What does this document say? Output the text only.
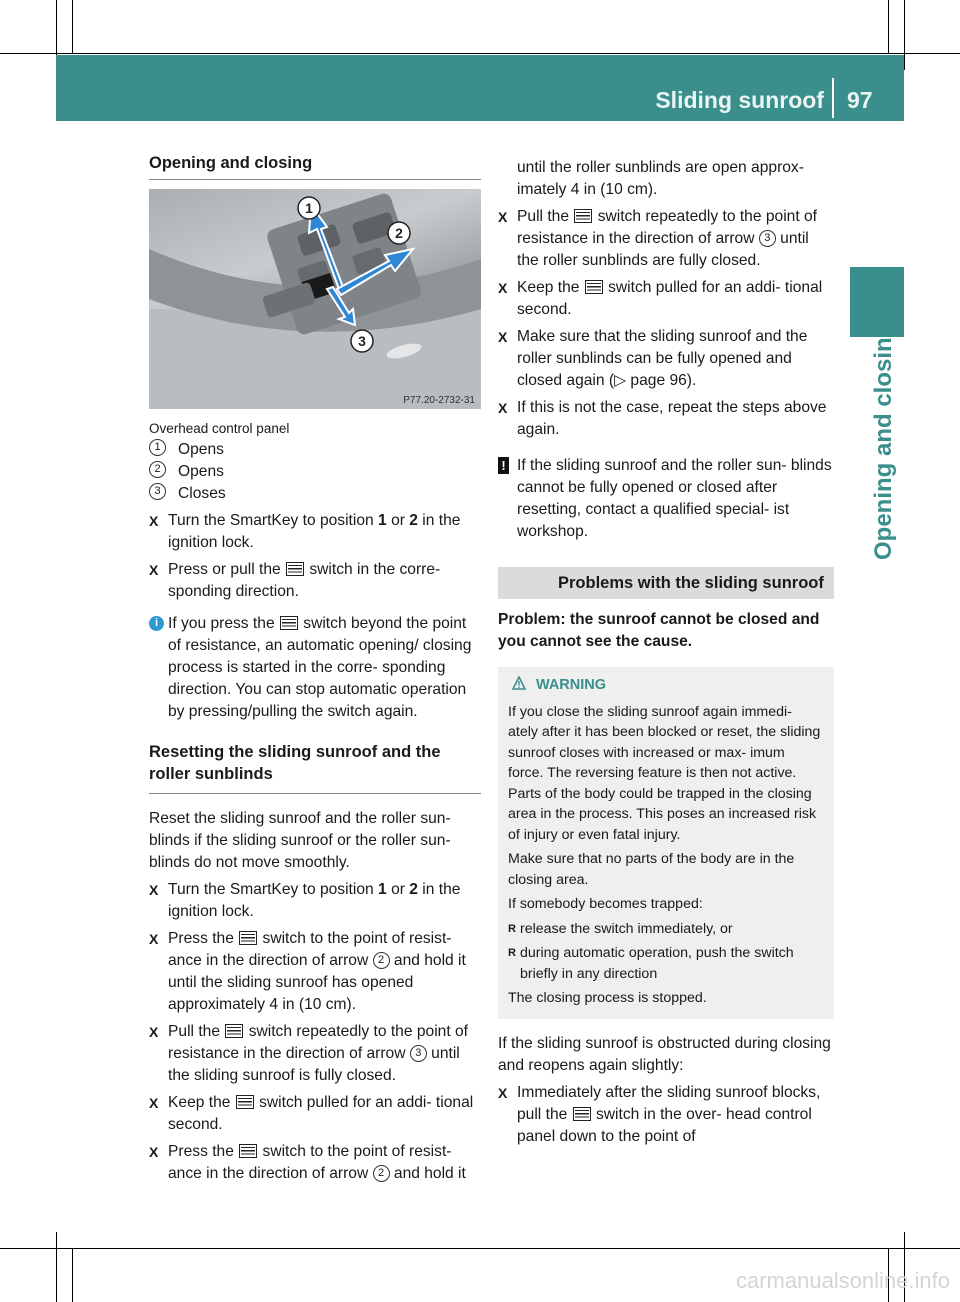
Sliding sunroof 97
Opening and closing
1
2
3
P77.20-2732-31
Opening and closing

Overhead control panel

1	Opens
2	Opens
3	Closes
X Turn the SmartKey to position 1 or 2 in the ignition lock.
X Press or pull the  switch in the corre- sponding direction.
i If you press the  switch beyond the point of resistance, an automatic opening/ closing process is started in the corre- sponding direction. You can stop automatic operation by pressing/pulling the switch again.
Resetting the sliding sunroof and the roller sunblinds

Reset the sliding sunroof and the roller sun- blinds if the sliding sunroof or the roller sun- blinds do not move smoothly.

X Turn the SmartKey to position 1 or 2 in the ignition lock.
X Press the  switch to the point of resist- ance in the direction of arrow 2 and hold it until the sliding sunroof has opened approximately 4 in (10 cm).
X Pull the  switch repeatedly to the point of resistance in the direction of arrow 3 until the sliding sunroof is fully closed.
X Keep the  switch pulled for an addi- tional second.
X Press the  switch to the point of resist- ance in the direction of arrow 2 and hold it

until the roller sunblinds are open approx- imately 4 in (10 cm).

X Pull the  switch repeatedly to the point of resistance in the direction of arrow 3 until the roller sunblinds are fully closed.
X Keep the  switch pulled for an addi- tional second.
X Make sure that the sliding sunroof and the roller sunblinds can be fully opened and closed again (▷ page 96).
X If this is not the case, repeat the steps above again.
! If the sliding sunroof and the roller sun- blinds cannot be fully opened or closed after resetting, contact a qualified special- ist workshop.
Problems with the sliding sunroof

Problem: the sunroof cannot be closed and you cannot see the cause.

WARNING

If you close the sliding sunroof again immedi- ately after it has been blocked or reset, the sliding sunroof closes with increased or max- imum force. The reversing feature is then not active. Parts of the body could be trapped in the closing area in the process. This poses an increased risk of injury or even fatal injury.

Make sure that no parts of the body are in the closing area.

If somebody becomes trapped:

R release the switch immediately, or
R during automatic operation, push the switch briefly in any direction

The closing process is stopped.

If the sliding sunroof is obstructed during closing and reopens again slightly:

X Immediately after the sliding sunroof blocks, pull the  switch in the over- head control panel down to the point of
carmanualsonline.info
